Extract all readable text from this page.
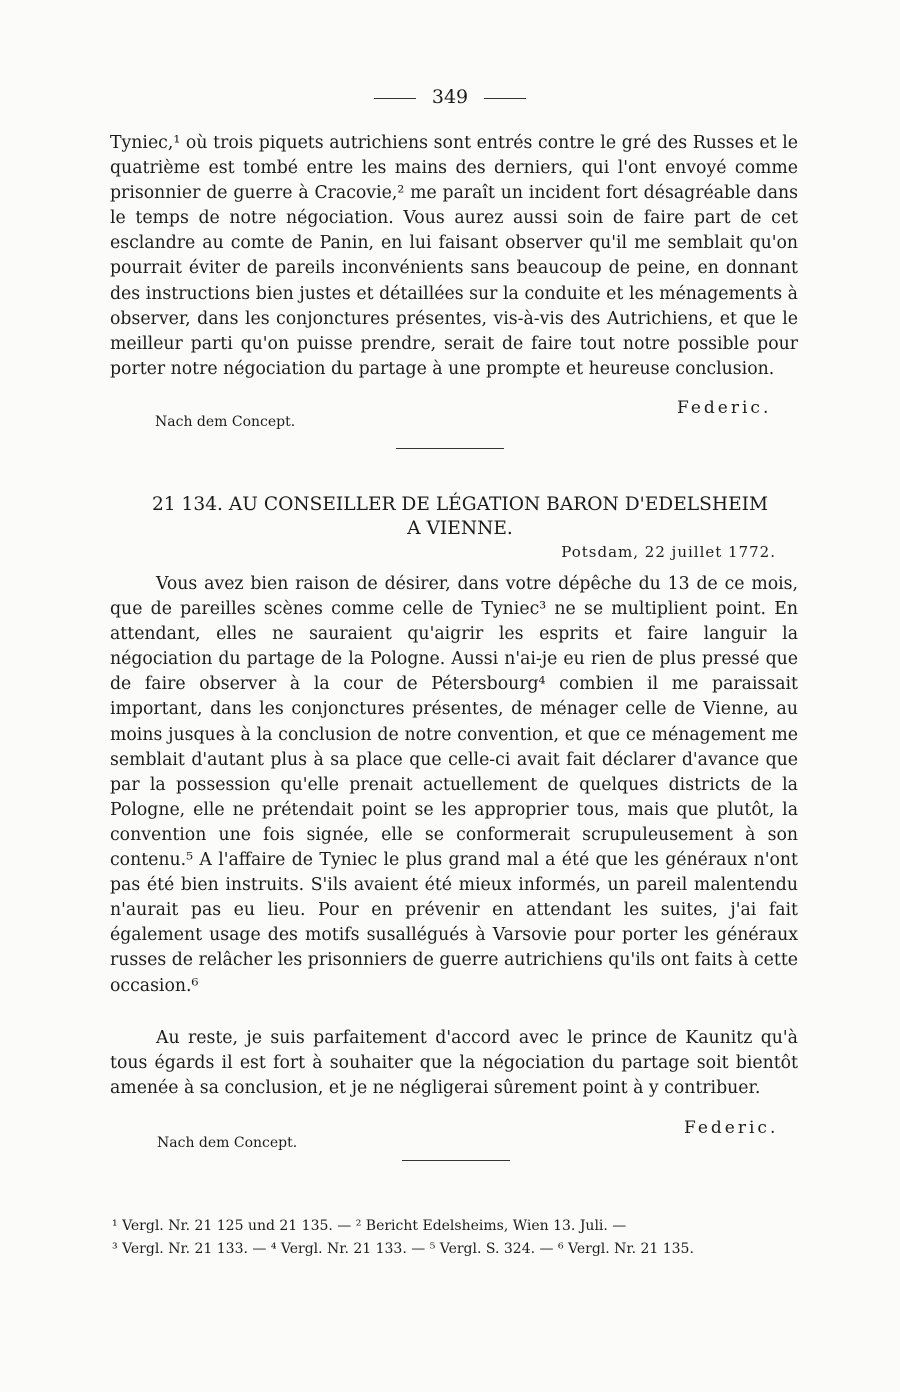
349

Tyniec,¹ où trois piquets autrichiens sont entrés contre le gré des Russes et le quatrième est tombé entre les mains des derniers, qui l'ont envoyé comme prisonnier de guerre à Cracovie,² me paraît un incident fort désagréable dans le temps de notre négociation. Vous aurez aussi soin de faire part de cet esclandre au comte de Panin, en lui faisant observer qu'il me semblait qu'on pourrait éviter de pareils inconvénients sans beaucoup de peine, en donnant des instructions bien justes et détaillées sur la conduite et les ménagements à observer, dans les conjonctures présentes, vis-à-vis des Autrichiens, et que le meilleur parti qu'on puisse prendre, serait de faire tout notre possible pour porter notre négociation du partage à une prompte et heureuse conclusion.

Federic.
Nach dem Concept.
21 134. AU CONSEILLER DE LÉGATION BARON D'EDELSHEIM
A VIENNE.
Potsdam, 22 juillet 1772.

Vous avez bien raison de désirer, dans votre dépêche du 13 de ce mois, que de pareilles scènes comme celle de Tyniec³ ne se multiplient point. En attendant, elles ne sauraient qu'aigrir les esprits et faire languir la négociation du partage de la Pologne. Aussi n'ai-je eu rien de plus pressé que de faire observer à la cour de Pétersbourg⁴ combien il me paraissait important, dans les conjonctures présentes, de ménager celle de Vienne, au moins jusques à la conclusion de notre convention, et que ce ménagement me semblait d'autant plus à sa place que celle-ci avait fait déclarer d'avance que par la possession qu'elle prenait actuellement de quelques districts de la Pologne, elle ne prétendait point se les approprier tous, mais que plutôt, la convention une fois signée, elle se conformerait scrupuleusement à son contenu.⁵ A l'affaire de Tyniec le plus grand mal a été que les généraux n'ont pas été bien instruits. S'ils avaient été mieux informés, un pareil malentendu n'aurait pas eu lieu. Pour en prévenir en attendant les suites, j'ai fait également usage des motifs susallégués à Varsovie pour porter les généraux russes de relâcher les prisonniers de guerre autrichiens qu'ils ont faits à cette occasion.⁶

Au reste, je suis parfaitement d'accord avec le prince de Kaunitz qu'à tous égards il est fort à souhaiter que la négociation du partage soit bientôt amenée à sa conclusion, et je ne négligerai sûrement point à y contribuer.

Federic.
Nach dem Concept.
¹ Vergl. Nr. 21 125 und 21 135. — ² Bericht Edelsheims, Wien 13. Juli. —
³ Vergl. Nr. 21 133. — ⁴ Vergl. Nr. 21 133. — ⁵ Vergl. S. 324. — ⁶ Vergl. Nr. 21 135.
